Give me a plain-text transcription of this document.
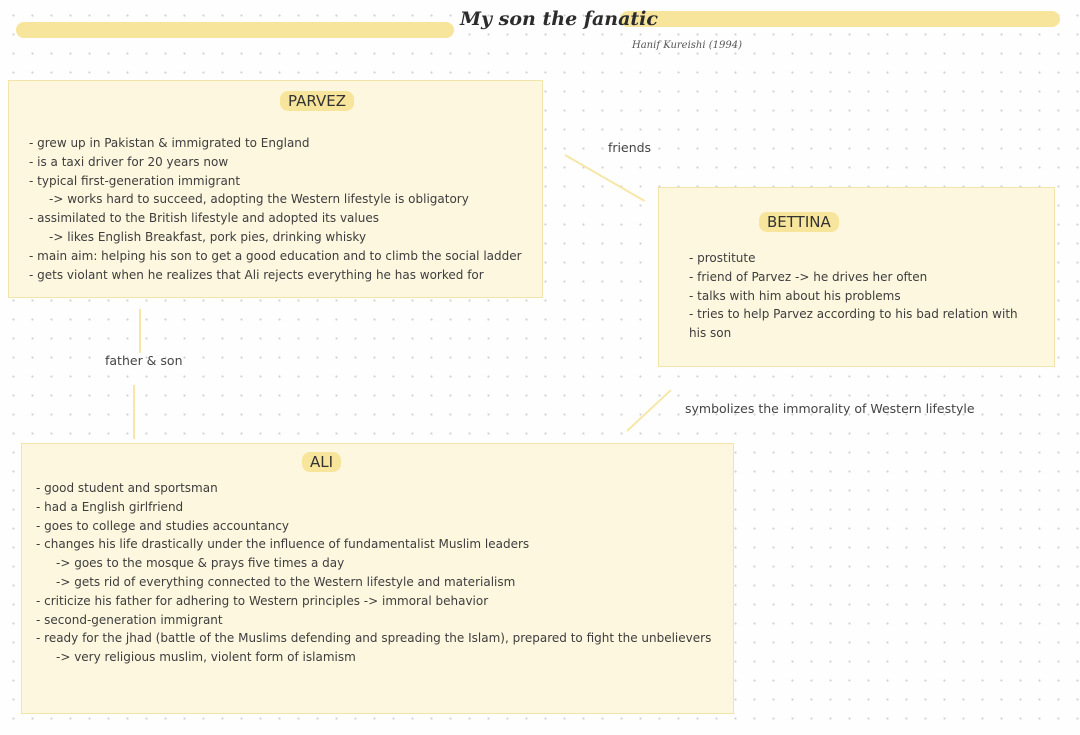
My son the fanatic
Hanif Kureishi (1994)
friends
father & son
symbolizes the immorality of Western lifestyle
PARVEZ
- grew up in Pakistan & immigrated to England
- is a taxi driver for 20 years now
- typical first-generation immigrant
-> works hard to succeed, adopting the Western lifestyle is obligatory
- assimilated to the British lifestyle and adopted its values
-> likes English Breakfast, pork pies, drinking whisky
- main aim: helping his son to get a good education and to climb the social ladder
- gets violant when he realizes that Ali rejects everything he has worked for
BETTINA
- prostitute
- friend of Parvez -> he drives her often
- talks with him about his problems
- tries to help Parvez according to his bad relation with his son
ALI
- good student and sportsman
- had a English girlfriend
- goes to college and studies accountancy
- changes his life drastically under the influence of fundamentalist Muslim leaders
-> goes to the mosque & prays five times a day
-> gets rid of everything connected to the Western lifestyle and materialism
- criticize his father for adhering to Western principles -> immoral behavior
- second-generation immigrant
- ready for the jhad (battle of the Muslims defending and spreading the Islam), prepared to fight the unbelievers
-> very religious muslim, violent form of islamism
